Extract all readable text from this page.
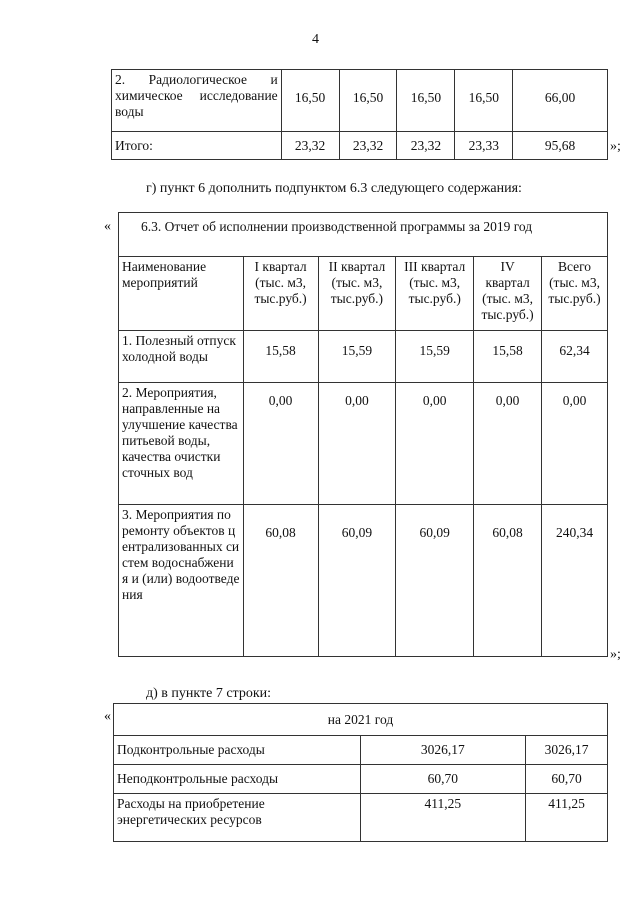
4
2. Радиологическое и химическое исследование воды	16,50	16,50	16,50	16,50	66,00
Итого:	23,32	23,32	23,32	23,33	95,68 »;
г) пункт 6 дополнить подпунктом 6.3 следующего содержания:
« 6.3. Отчет об исполнении производственной программы за 2019 год					
Наименование мероприятий	I квартал (тыс. м3, тыс.руб.)	II квартал (тыс. м3, тыс.руб.)	III квартал (тыс. м3, тыс.руб.)	IV квартал (тыс. м3, тыс.руб.)	Всего (тыс. м3, тыс.руб.)
1. Полезный отпуск холодной воды	15,58	15,59	15,59	15,58	62,34
2. Мероприятия, направленные на улучшение качества питьевой воды, качества очистки сточных вод	0,00	0,00	0,00	0,00	0,00
3. Мероприятия по ремонту объектов централизованных систем водоснабжения и (или) водоотведения	60,08	60,09	60,09	60,08	240,34
»;
д) в пункте 7 строки:
«	на 2021 год		
Подконтрольные расходы	3026,17	3026,17
Неподконтрольные расходы	60,70	60,70
Расходы на приобретение энергетических ресурсов	411,25	411,25
